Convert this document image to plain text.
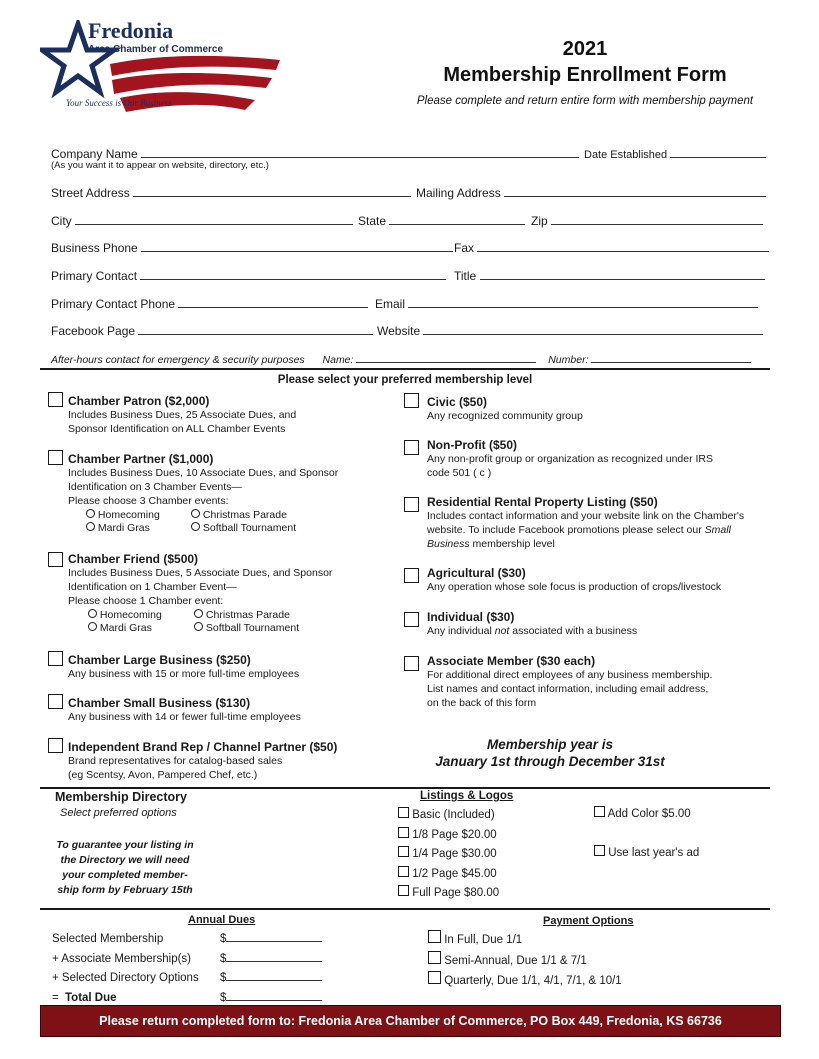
Fredonia
Area Chamber of Commerce
Your Success is Our Business
2021
Membership Enrollment Form
Please complete and return entire form with membership payment
Company Name
(As you want it to appear on website, directory, etc.)
Date Established
Street Address	Mailing Address
City	State	Zip
Business Phone	Fax
Primary Contact	Title
Primary Contact Phone	Email
Facebook Page	Website
After-hours contact for emergency & security purposes Name:	Number:
Please select your preferred membership level
Chamber Patron ($2,000)
Includes Business Dues, 25 Associate Dues, and
Sponsor Identification on ALL Chamber Events
Chamber Partner ($1,000)
Includes Business Dues, 10 Associate Dues, and Sponsor
Identification on 3 Chamber Events—
Please choose 3 Chamber events:
Homecoming	Christmas Parade
Mardi Gras	Softball Tournament
Chamber Friend ($500)
Includes Business Dues, 5 Associate Dues, and Sponsor
Identification on 1 Chamber Event—
Please choose 1 Chamber event:
Homecoming	Christmas Parade
Mardi Gras	Softball Tournament
Chamber Large Business ($250)
Any business with 15 or more full-time employees
Chamber Small Business ($130)
Any business with 14 or fewer full-time employees
Independent Brand Rep / Channel Partner ($50)
Brand representatives for catalog-based sales
(eg Scentsy, Avon, Pampered Chef, etc.)
Civic ($50)
Any recognized community group
Non-Profit ($50)
Any non-profit group or organization as recognized under IRS
code 501 ( c )
Residential Rental Property Listing ($50)
Includes contact information and your website link on the Chamber's
website. To include Facebook promotions please select our Small
Business membership level
Agricultural ($30)
Any operation whose sole focus is production of crops/livestock
Individual ($30)
Any individual not associated with a business
Associate Member ($30 each)
For additional direct employees of any business membership.
List names and contact information, including email address,
on the back of this form
Membership year is
January 1st through December 31st
Membership Directory
Select preferred options
To guarantee your listing in
the Directory we will need
your completed member-
ship form by February 15th
Listings & Logos
Basic (Included)
1/8 Page $20.00
1/4 Page $30.00
1/2 Page $45.00
Full Page $80.00
Add Color $5.00
Use last year's ad
Annual Dues
Selected Membership	$
+ Associate Membership(s)	$
+ Selected Directory Options $
= Total Due	$
Payment Options
In Full, Due 1/1
Semi-Annual, Due 1/1 & 7/1
Quarterly, Due 1/1, 4/1, 7/1, & 10/1
Please return completed form to: Fredonia Area Chamber of Commerce, PO Box 449, Fredonia, KS 66736
